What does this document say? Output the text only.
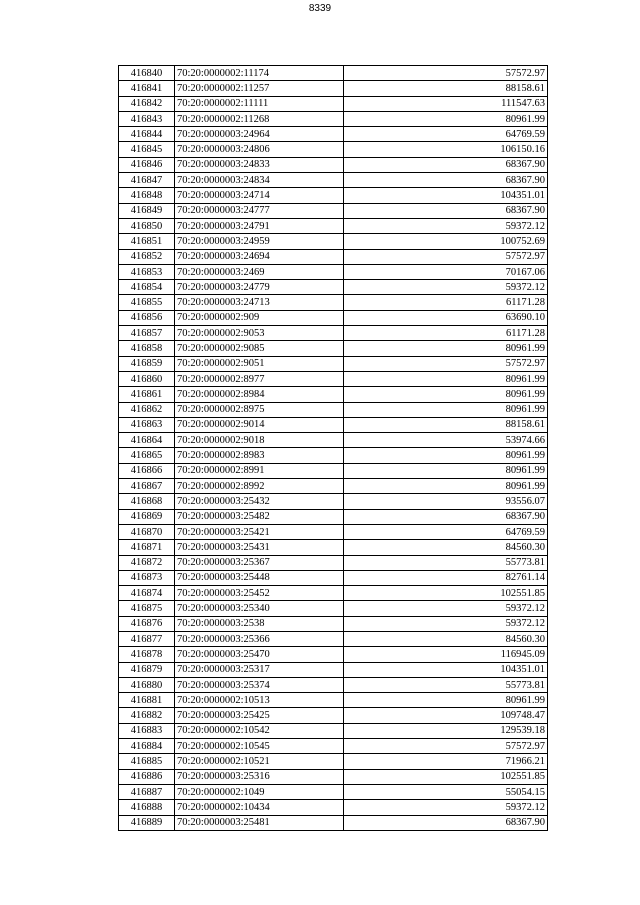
8339
416840	70:20:0000002:11174	57572.97
416841	70:20:0000002:11257	88158.61
416842	70:20:0000002:11111	111547.63
416843	70:20:0000002:11268	80961.99
416844	70:20:0000003:24964	64769.59
416845	70:20:0000003:24806	106150.16
416846	70:20:0000003:24833	68367.90
416847	70:20:0000003:24834	68367.90
416848	70:20:0000003:24714	104351.01
416849	70:20:0000003:24777	68367.90
416850	70:20:0000003:24791	59372.12
416851	70:20:0000003:24959	100752.69
416852	70:20:0000003:24694	57572.97
416853	70:20:0000003:2469	70167.06
416854	70:20:0000003:24779	59372.12
416855	70:20:0000003:24713	61171.28
416856	70:20:0000002:909	63690.10
416857	70:20:0000002:9053	61171.28
416858	70:20:0000002:9085	80961.99
416859	70:20:0000002:9051	57572.97
416860	70:20:0000002:8977	80961.99
416861	70:20:0000002:8984	80961.99
416862	70:20:0000002:8975	80961.99
416863	70:20:0000002:9014	88158.61
416864	70:20:0000002:9018	53974.66
416865	70:20:0000002:8983	80961.99
416866	70:20:0000002:8991	80961.99
416867	70:20:0000002:8992	80961.99
416868	70:20:0000003:25432	93556.07
416869	70:20:0000003:25482	68367.90
416870	70:20:0000003:25421	64769.59
416871	70:20:0000003:25431	84560.30
416872	70:20:0000003:25367	55773.81
416873	70:20:0000003:25448	82761.14
416874	70:20:0000003:25452	102551.85
416875	70:20:0000003:25340	59372.12
416876	70:20:0000003:2538	59372.12
416877	70:20:0000003:25366	84560.30
416878	70:20:0000003:25470	116945.09
416879	70:20:0000003:25317	104351.01
416880	70:20:0000003:25374	55773.81
416881	70:20:0000002:10513	80961.99
416882	70:20:0000003:25425	109748.47
416883	70:20:0000002:10542	129539.18
416884	70:20:0000002:10545	57572.97
416885	70:20:0000002:10521	71966.21
416886	70:20:0000003:25316	102551.85
416887	70:20:0000002:1049	55054.15
416888	70:20:0000002:10434	59372.12
416889	70:20:0000003:25481	68367.90
